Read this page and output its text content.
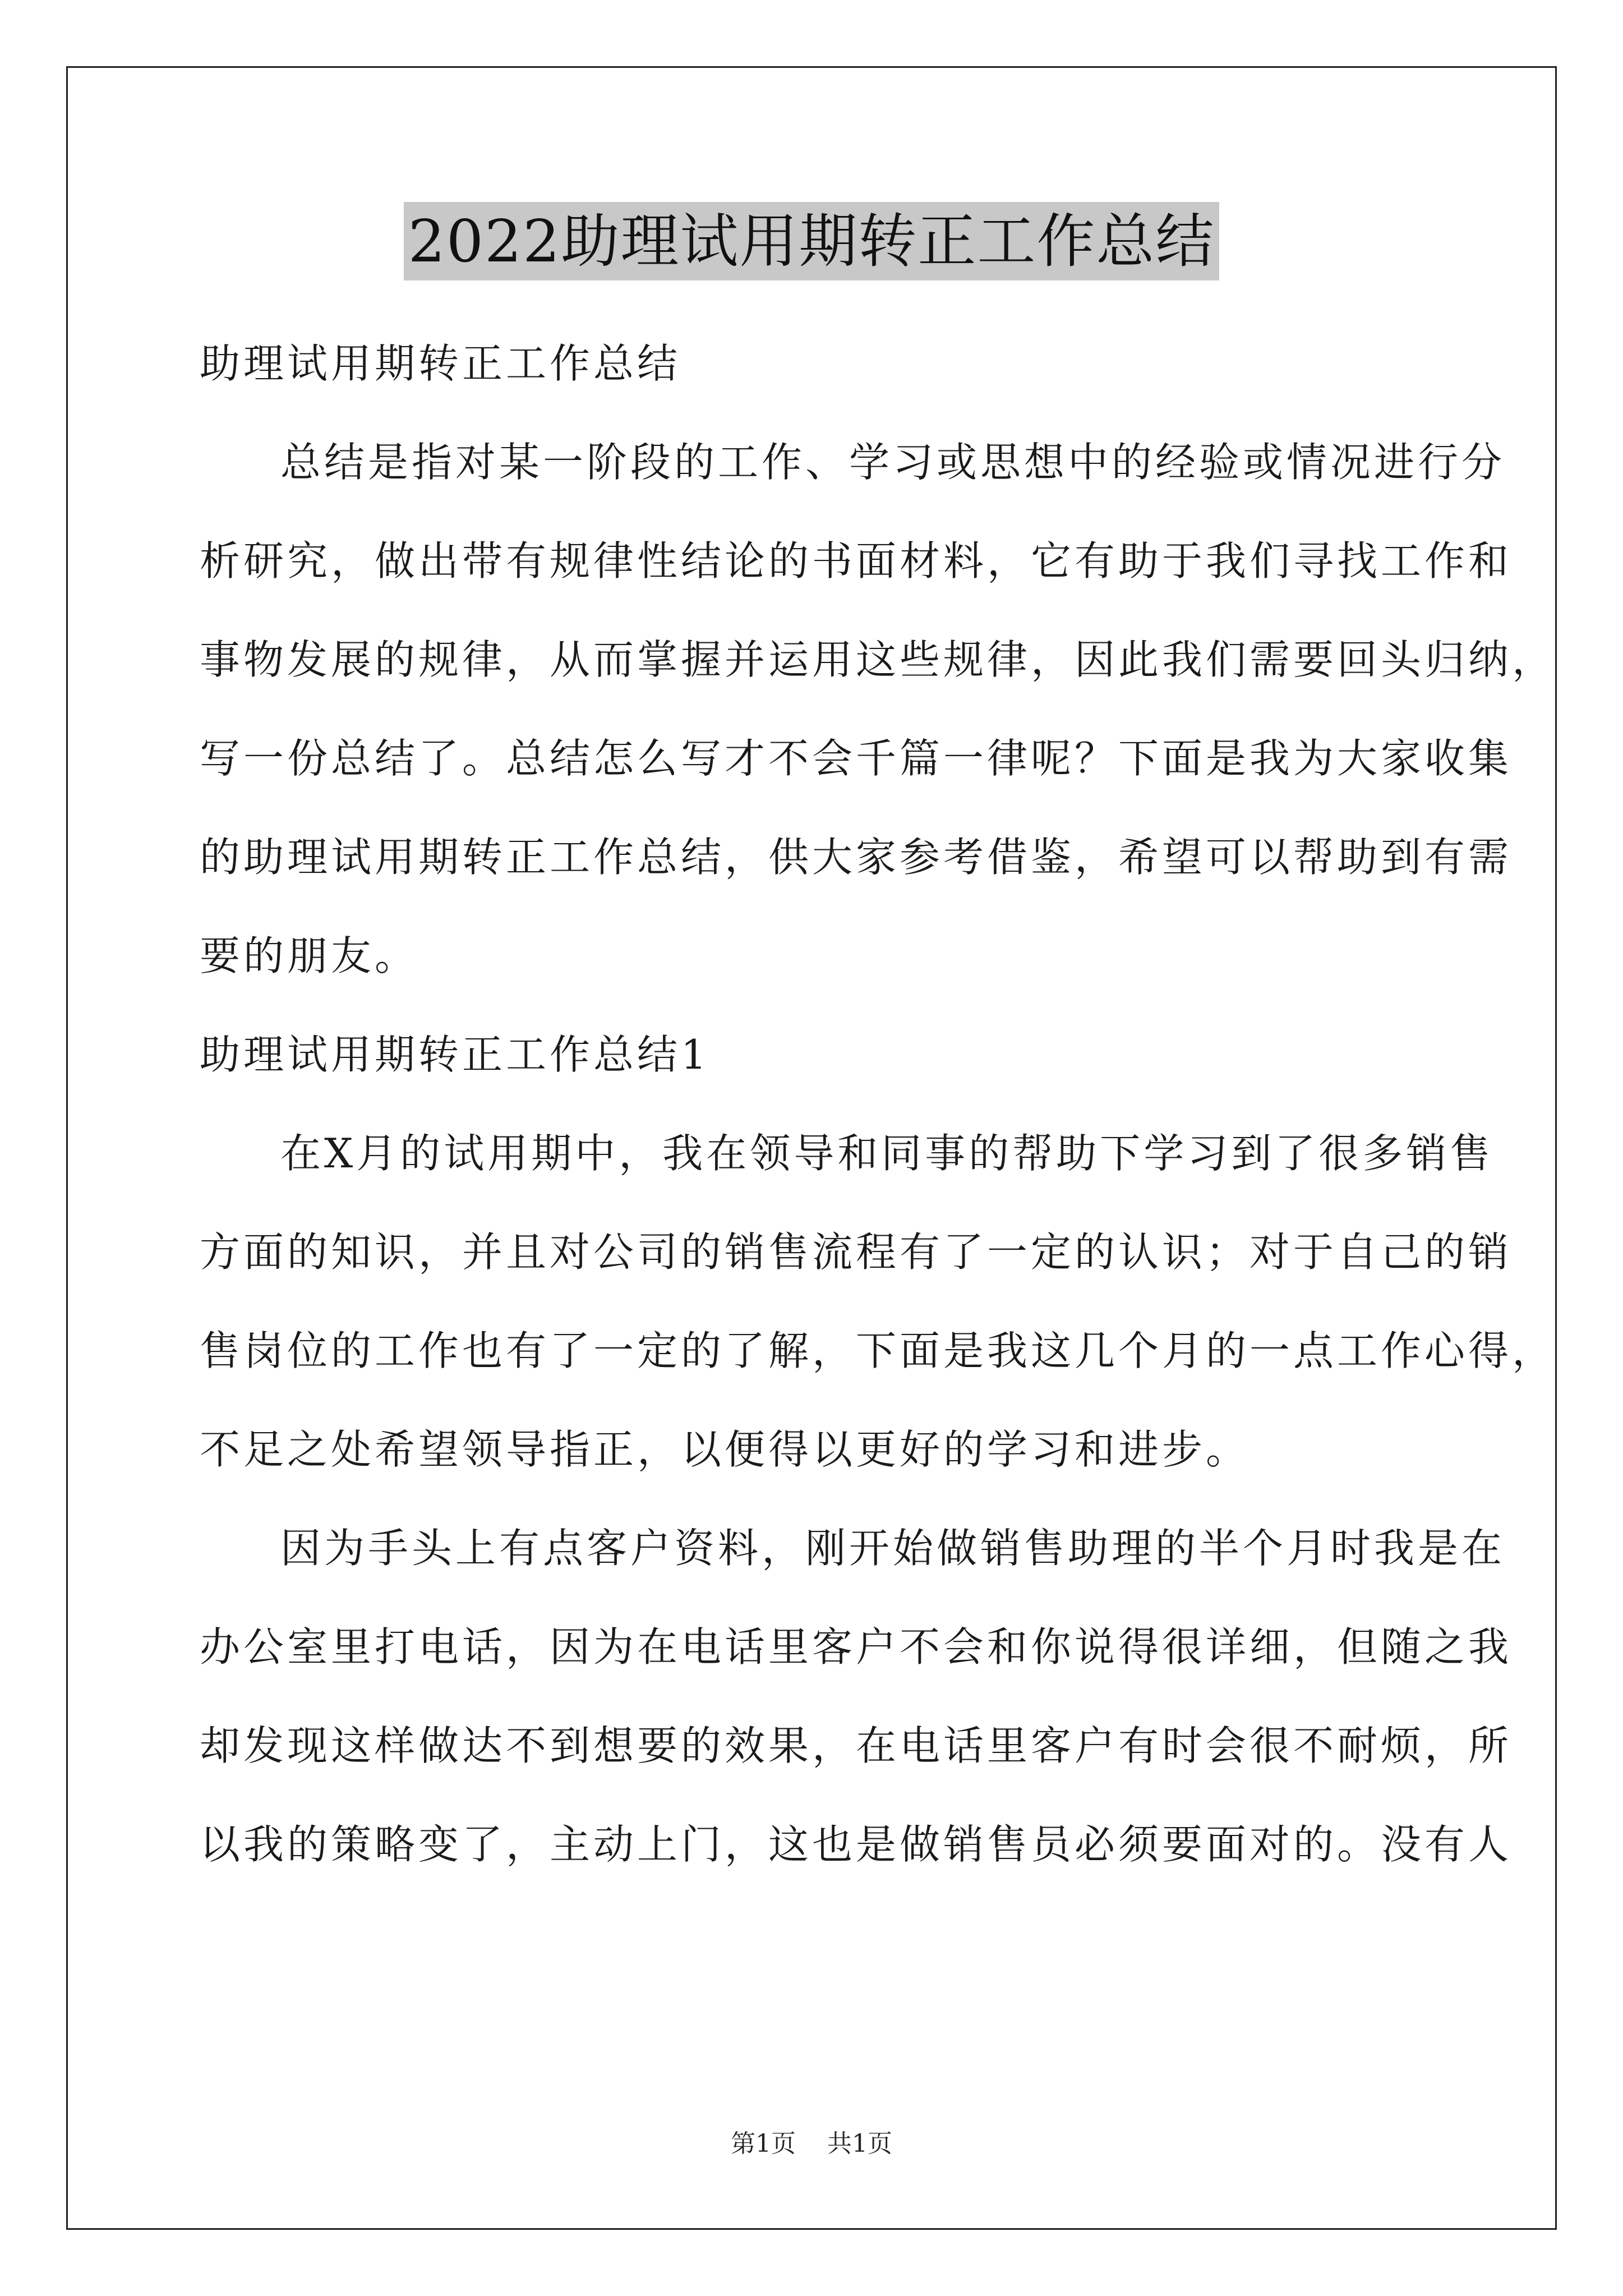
2022助理试用期转正工作总结
助理试用期转正工作总结
总结是指对某一阶段的工作、学习或思想中的经验或情况进行分
析研究，做出带有规律性结论的书面材料，它有助于我们寻找工作和
事物发展的规律，从而掌握并运用这些规律，因此我们需要回头归纳，
写一份总结了。总结怎么写才不会千篇一律呢？下面是我为大家收集
的助理试用期转正工作总结，供大家参考借鉴，希望可以帮助到有需
要的朋友。
助理试用期转正工作总结1
在X月的试用期中，我在领导和同事的帮助下学习到了很多销售
方面的知识，并且对公司的销售流程有了一定的认识；对于自己的销
售岗位的工作也有了一定的了解，下面是我这几个月的一点工作心得，
不足之处希望领导指正，以便得以更好的学习和进步。
因为手头上有点客户资料，刚开始做销售助理的半个月时我是在
办公室里打电话，因为在电话里客户不会和你说得很详细，但随之我
却发现这样做达不到想要的效果，在电话里客户有时会很不耐烦，所
以我的策略变了，主动上门，这也是做销售员必须要面对的。没有人
第1页 共1页
